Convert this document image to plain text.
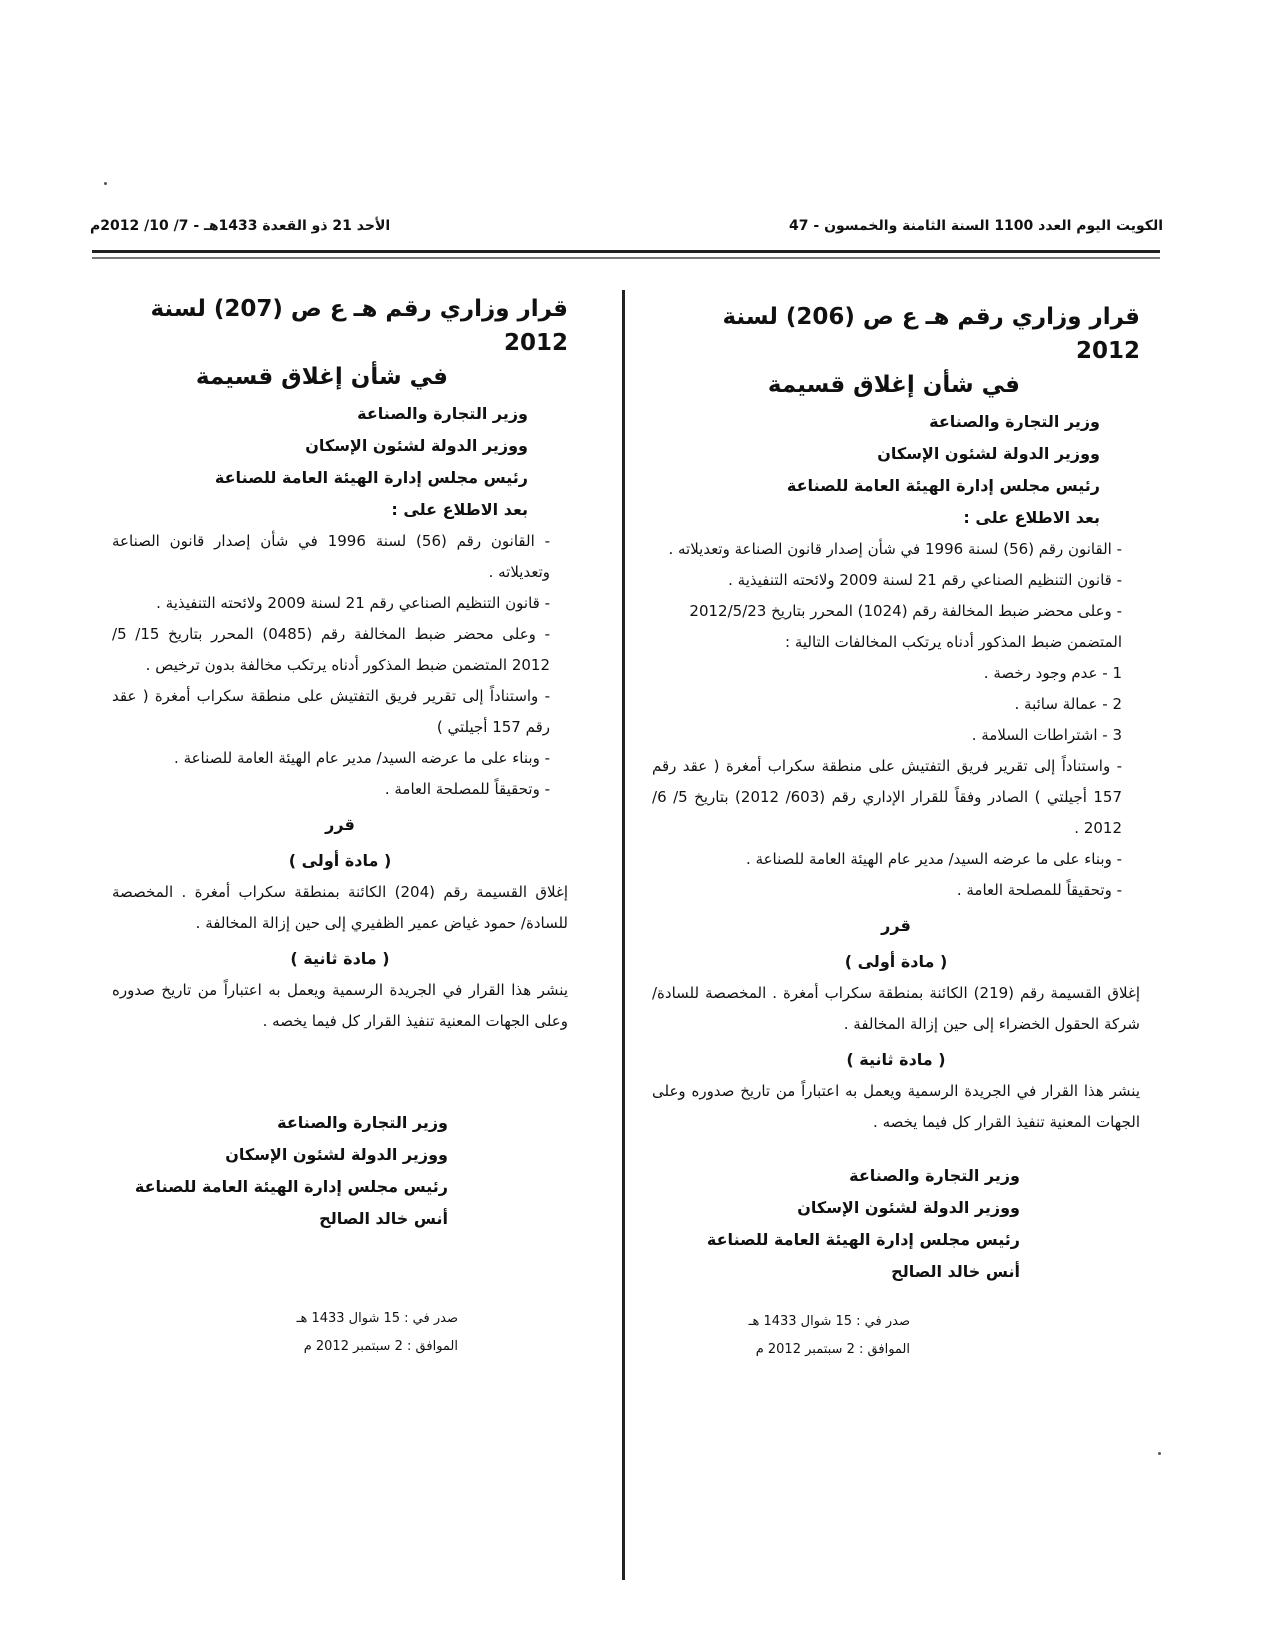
الكويت اليوم العدد 1100 السنة الثامنة والخمسون - 47
الأحد 21 ذو القعدة 1433هـ - 7/ 10/ 2012م

قرار وزاري رقم هـ ع ص (206) لسنة 2012

في شأن إغلاق قسيمة

وزير التجارة والصناعة

ووزير الدولة لشئون الإسكان

رئيس مجلس إدارة الهيئة العامة للصناعة

بعد الاطلاع على :

- القانون رقم (56) لسنة 1996 في شأن إصدار قانون الصناعة وتعديلاته .

- قانون التنظيم الصناعي رقم 21 لسنة 2009 ولائحته التنفيذية .

- وعلى محضر ضبط المخالفة رقم (1024) المحرر بتاريخ 2012/5/23

المتضمن ضبط المذكور أدناه يرتكب المخالفات التالية :

1 - عدم وجود رخصة .

2 - عمالة سائبة .

3 - اشتراطات السلامة .

- واستناداً إلى تقرير فريق التفتيش على منطقة سكراب أمغرة ( عقد رقم 157 أجيلتي ) الصادر وفقاً للقرار الإداري رقم (603/ 2012) بتاريخ 5/ 6/ 2012 .

- وبناء على ما عرضه السيد/ مدير عام الهيئة العامة للصناعة .

- وتحقيقاً للمصلحة العامة .

قرر

( مادة أولى )

إغلاق القسيمة رقم (219) الكائنة بمنطقة سكراب أمغرة . المخصصة للسادة/ شركة الحقول الخضراء إلى حين إزالة المخالفة .

( مادة ثانية )

ينشر هذا القرار في الجريدة الرسمية ويعمل به اعتباراً من تاريخ صدوره وعلى الجهات المعنية تنفيذ القرار كل فيما يخصه .

وزير التجارة والصناعة

ووزير الدولة لشئون الإسكان

رئيس مجلس إدارة الهيئة العامة للصناعة

أنس خالد الصالح

صدر في : 15 شوال 1433 هـ

الموافق : 2 سبتمبر 2012 م

قرار وزاري رقم هـ ع ص (207) لسنة 2012

في شأن إغلاق قسيمة

وزير التجارة والصناعة

ووزير الدولة لشئون الإسكان

رئيس مجلس إدارة الهيئة العامة للصناعة

بعد الاطلاع على :

- القانون رقم (56) لسنة 1996 في شأن إصدار قانون الصناعة وتعديلاته .

- قانون التنظيم الصناعي رقم 21 لسنة 2009 ولائحته التنفيذية .

- وعلى محضر ضبط المخالفة رقم (0485) المحرر بتاريخ 15/ 5/ 2012 المتضمن ضبط المذكور أدناه يرتكب مخالفة بدون ترخيص .

- واستناداً إلى تقرير فريق التفتيش على منطقة سكراب أمغرة ( عقد رقم 157 أجيلتي )

- وبناء على ما عرضه السيد/ مدير عام الهيئة العامة للصناعة .

- وتحقيقاً للمصلحة العامة .

قرر

( مادة أولى )

إغلاق القسيمة رقم (204) الكائنة بمنطقة سكراب أمغرة . المخصصة للسادة/ حمود غياض عمير الظفيري إلى حين إزالة المخالفة .

( مادة ثانية )

ينشر هذا القرار في الجريدة الرسمية ويعمل به اعتباراً من تاريخ صدوره وعلى الجهات المعنية تنفيذ القرار كل فيما يخصه .

وزير التجارة والصناعة

ووزير الدولة لشئون الإسكان

رئيس مجلس إدارة الهيئة العامة للصناعة

أنس خالد الصالح

صدر في : 15 شوال 1433 هـ

الموافق : 2 سبتمبر 2012 م
